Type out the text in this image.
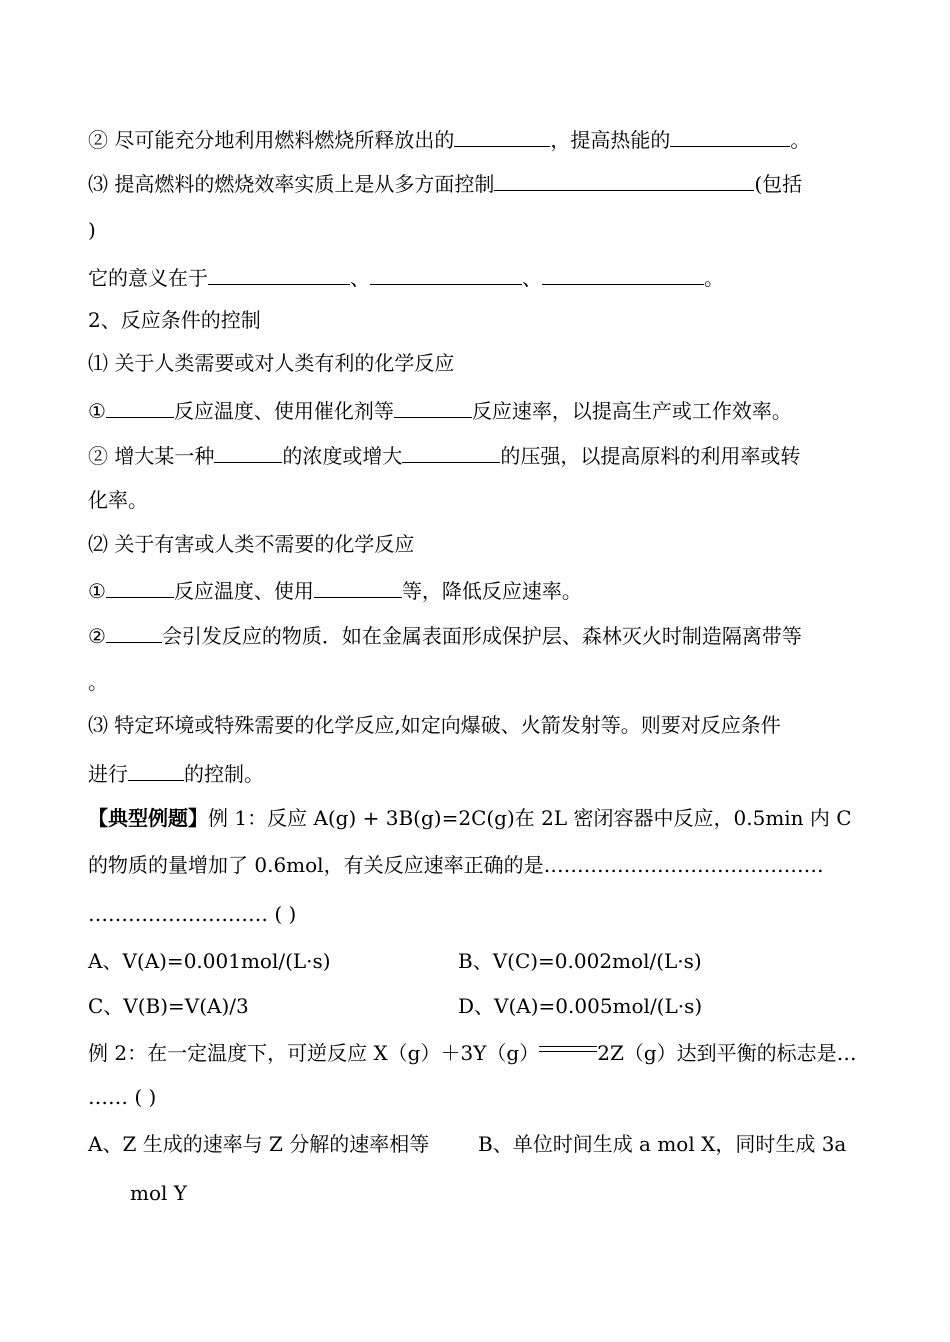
② 尽可能充分地利用燃料燃烧所释放出的	，提高热能的	。
⑶ 提高燃料的燃烧效率实质上是从多方面控制	(包括
)
它的意义在于	、	、	。
2、反应条件的控制
⑴ 关于人类需要或对人类有利的化学反应
①	反应温度、使用催化剂等	反应速率，以提高生产或工作效率。
② 增大某一种	的浓度或增大	的压强，以提高原料的利用率或转
化率。
⑵ 关于有害或人类不需要的化学反应
①	反应温度、使用	等，降低反应速率。
②	会引发反应的物质．如在金属表面形成保护层、森林灭火时制造隔离带等
。
⑶ 特定环境或特殊需要的化学反应,如定向爆破、火箭发射等。则要对反应条件
进行	的控制。
【典型例题】例 1：反应 A(g) + 3B(g)=2C(g)在 2L 密闭容器中反应，0.5min 内 C
的物质的量增加了 0.6mol，有关反应速率正确的是……………………………………
……………………… ( )
A、V(A)=0.001mol/(L·s)	B、V(C)=0.002mol/(L·s)
C、V(B)=V(A)/3	D、V(A)=0.005mol/(L·s)
例 2：在一定温度下，可逆反应 X（g）＋3Y（g）	2Z（g）达到平衡的标志是…
…… ( )
A、Z 生成的速率与 Z 分解的速率相等 B、单位时间生成 a mol X，同时生成 3a
mol Y
